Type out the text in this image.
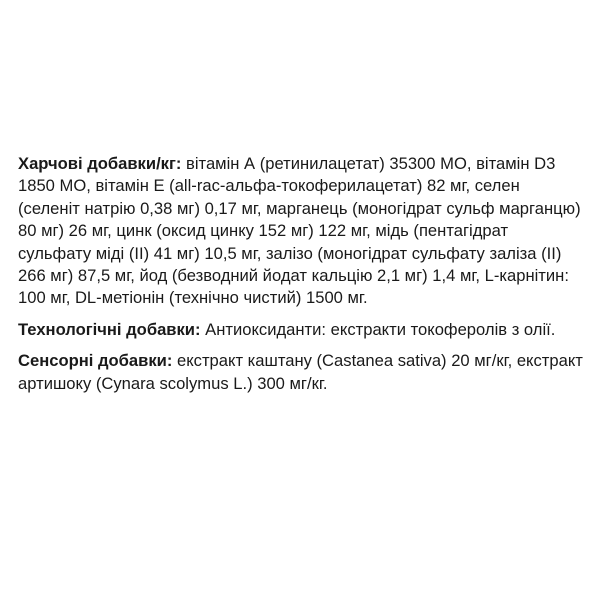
Харчові добавки/кг: вітамін А (ретинилацетат) 35300 МО, вітамін D3 1850 МО, вітамін Е (all-rac-альфа-токоферилацетат) 82 мг, селен (селеніт натрію 0,38 мг) 0,17 мг, марганець (моногідрат сульф марганцю) 80 мг) 26 мг, цинк (оксид цинку 152 мг) 122 мг, мідь (пентагідрат сульфату міді (II) 41 мг) 10,5 мг, залізо (моногідрат сульфату заліза (II) 266 мг) 87,5 мг, йод (безводний йодат кальцію 2,1 мг) 1,4 мг, L-карнітин: 100 мг, DL-метіонін (технічно чистий) 1500 мг.

Технологічні добавки: Антиоксиданти: екстракти токоферолів з олії.

Сенсорні добавки: екстракт каштану (Castanea sativa) 20 мг/кг, екстракт артишоку (Cynara scolymus L.) 300 мг/кг.
